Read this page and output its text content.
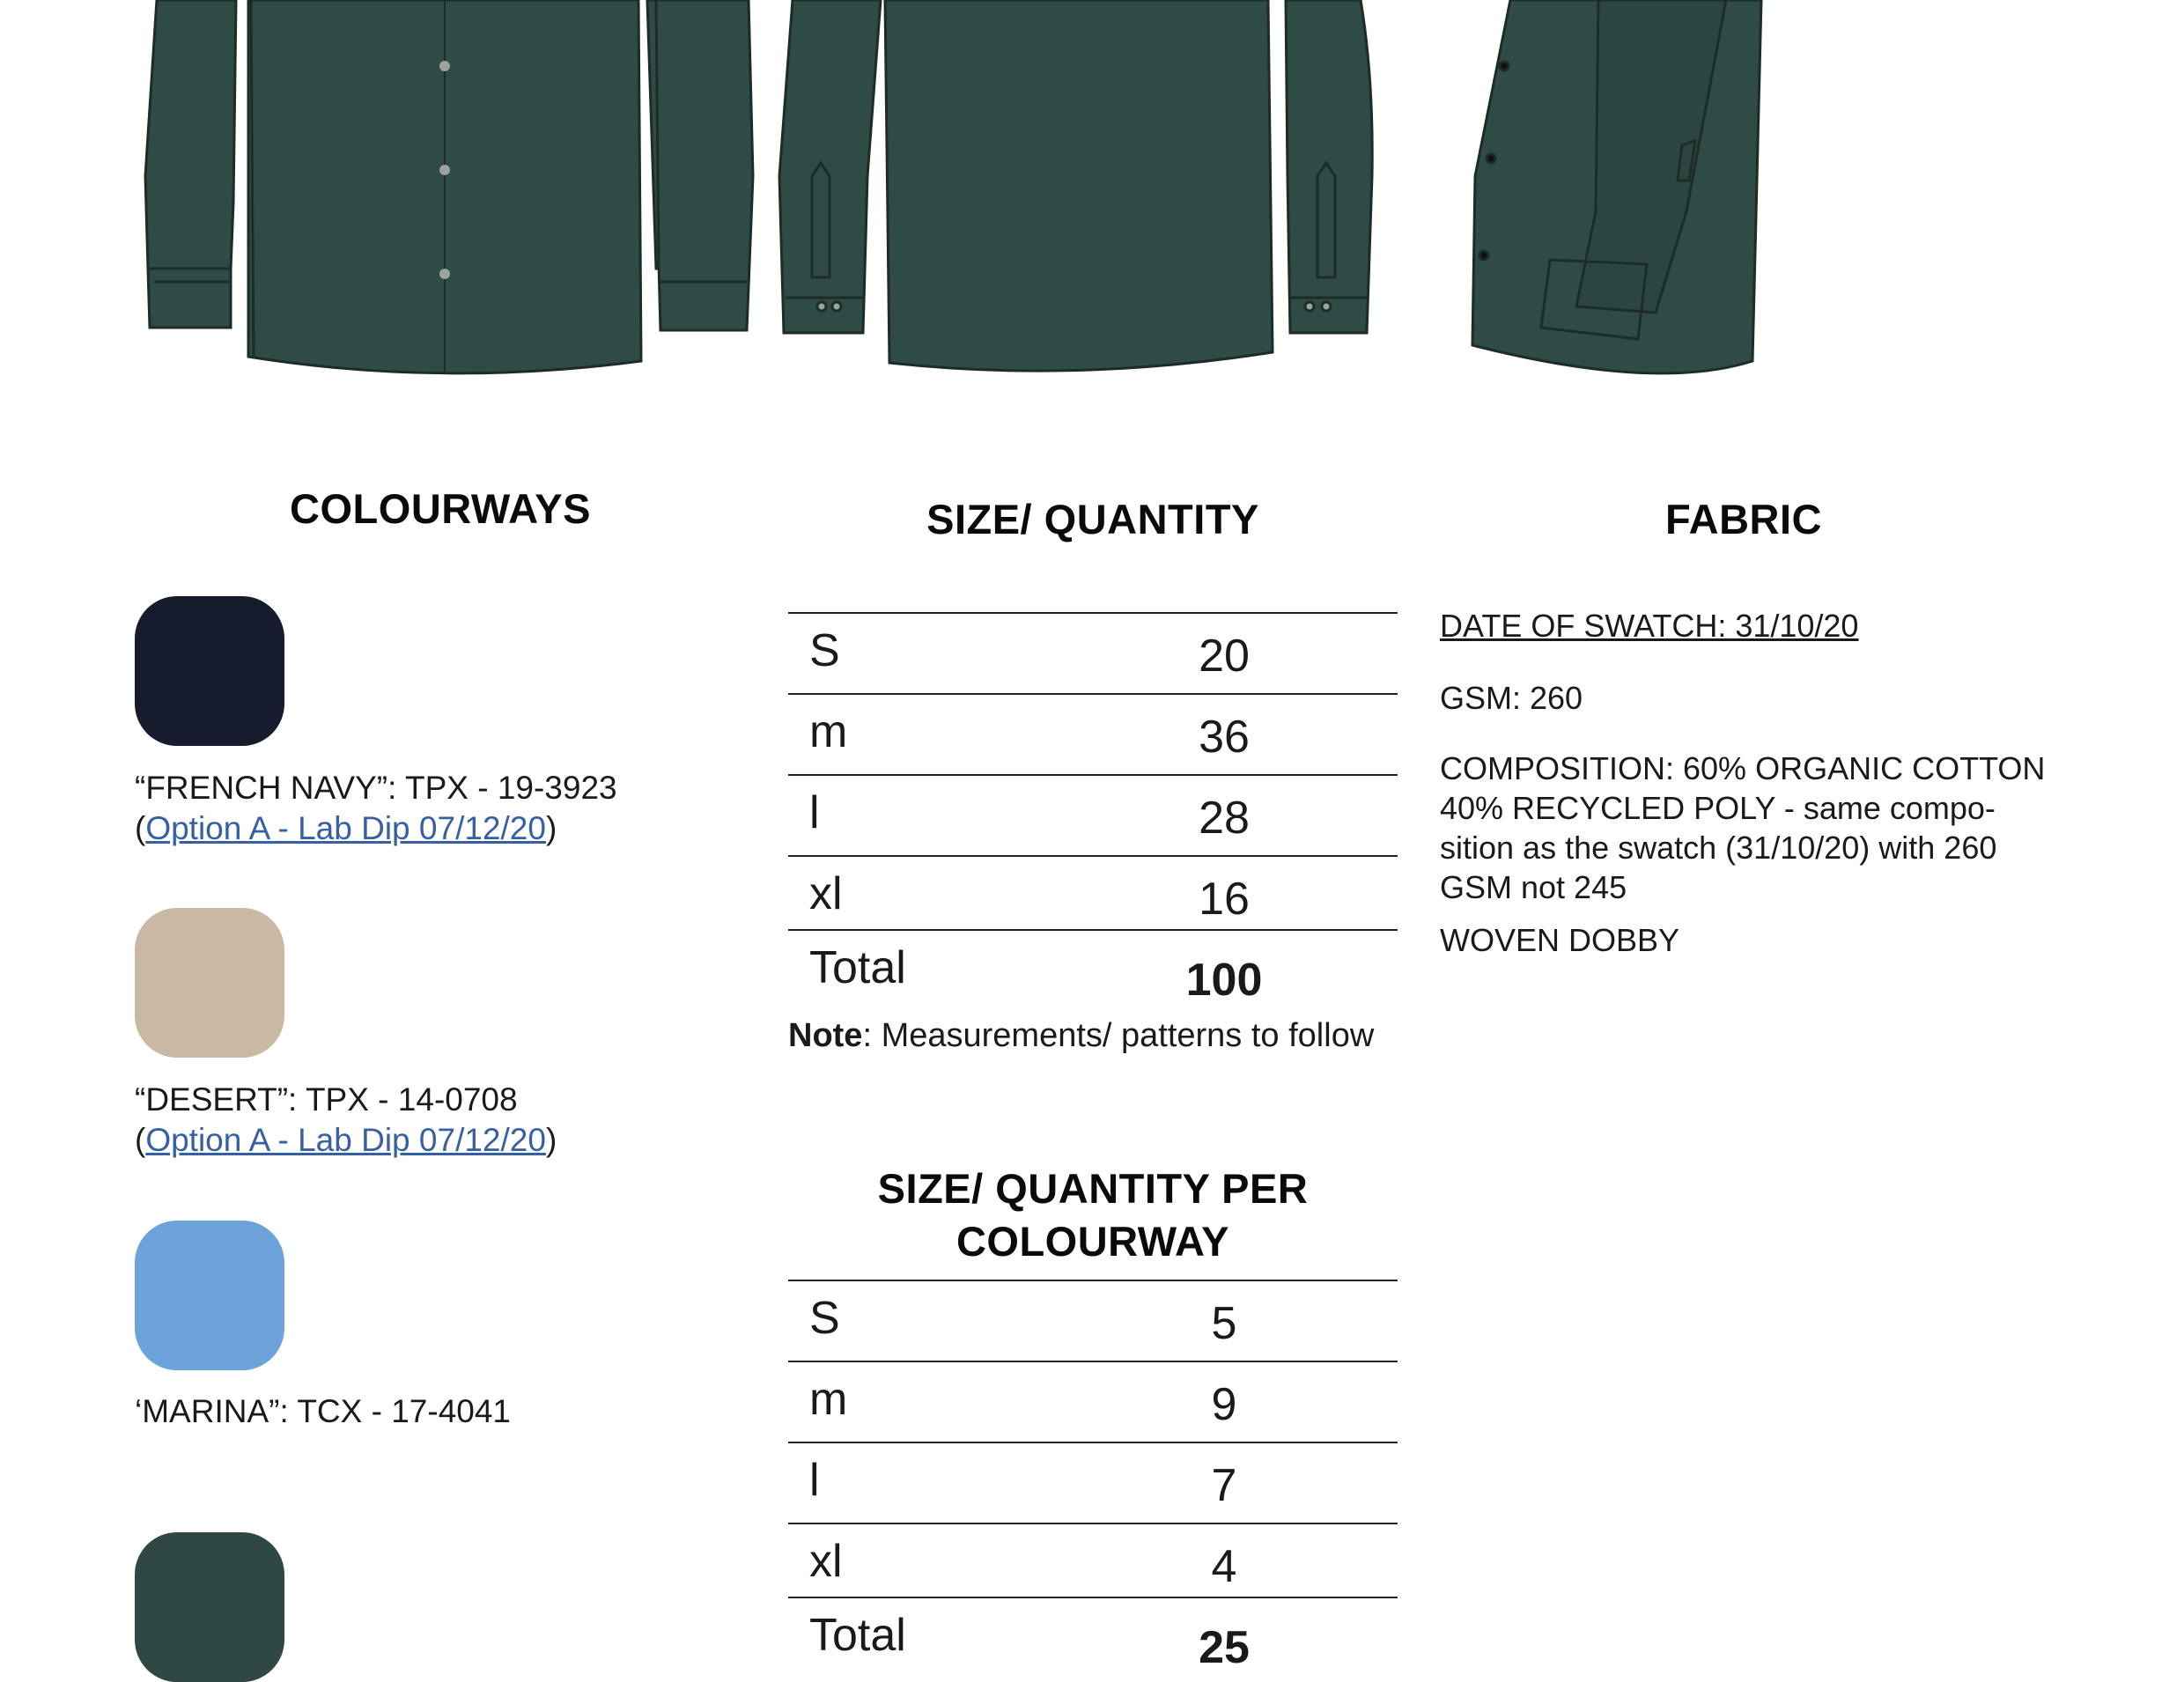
COLOURWAYS
“FRENCH NAVY”: TPX - 19-3923
(Option A - Lab Dip 07/12/20)
“DESERT”: TPX - 14-0708
(Option A - Lab Dip 07/12/20)
‘MARINA”: TCX - 17-4041
SIZE/ QUANTITY
S	20
m	36
l	28
xl	16
Total	100
Note: Measurements/ patterns to follow
SIZE/ QUANTITY PER
COLOURWAY
S	5
m	9
l	7
xl	4
Total	25
FABRIC
DATE OF SWATCH: 31/10/20
GSM: 260
COMPOSITION: 60% ORGANIC COTTON
40% RECYCLED POLY - same compo-
sition as the swatch (31/10/20) with 260
GSM not 245
WOVEN DOBBY
